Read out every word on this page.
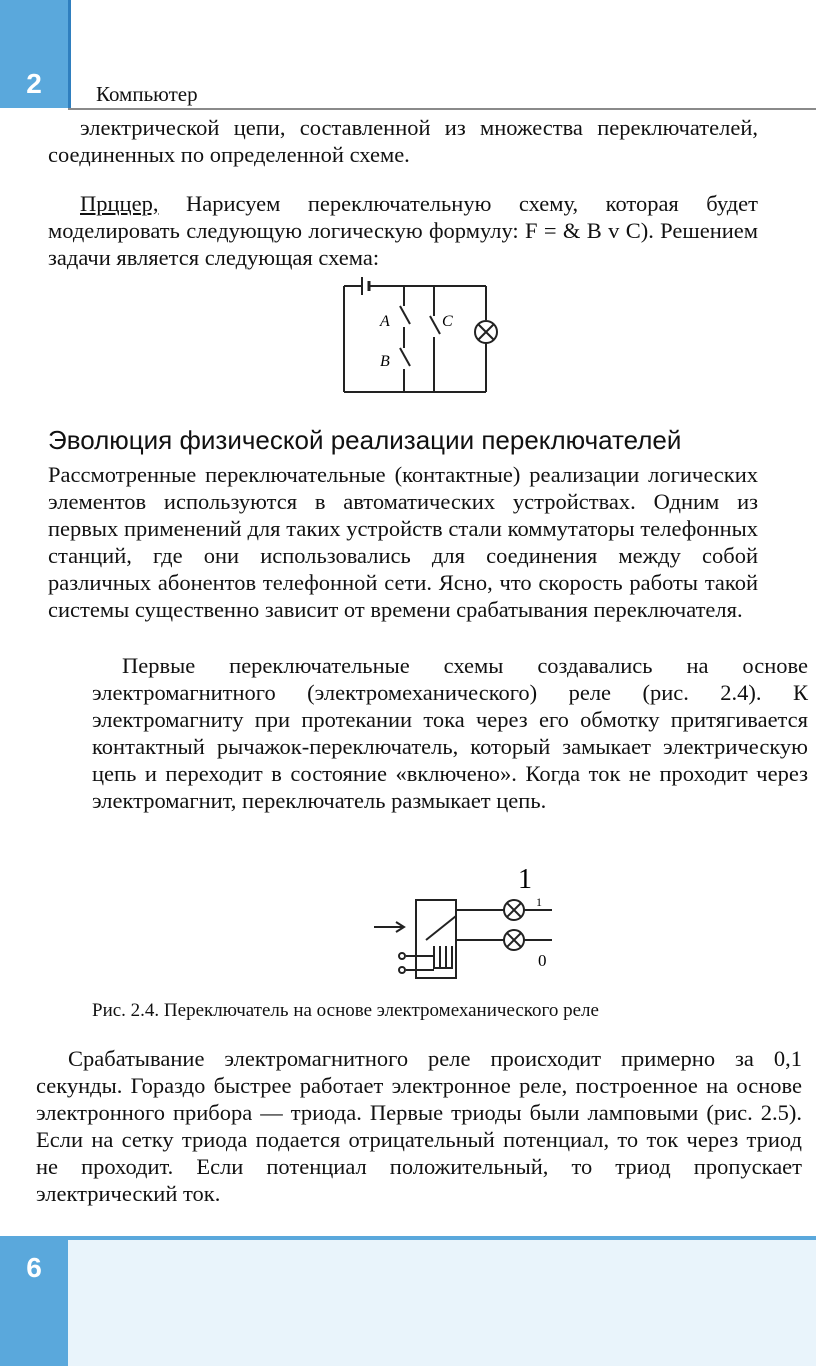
2	Компьютер
электрической цепи, составленной из множества переключателей, соединенных по определенной схеме.
Прццер, Нарисуем переключательную схему, которая будет моделировать следующую логическую формулу: F = & B v C). Решением задачи является следующая схема:
A
B
C
Эволюция физической реализации переключателей
Рассмотренные переключательные (контактные) реализации логических элементов используются в автоматических устройствах. Одним из первых применений для таких устройств стали коммутаторы телефонных станций, где они использовались для соединения между собой различных абонентов телефонной сети. Ясно, что скорость работы такой системы существенно зависит от времени срабатывания переключателя.
Первые переключательные схемы создавались на основе электромагнитного (электромеханического) реле (рис. 2.4). К электромагниту при протекании тока через его обмотку притягивается контактный рычажок-переключатель, который замыкает электрическую цепь и переходит в состояние «включено». Когда ток не проходит через электромагнит, переключатель размыкает цепь.
1
1
0
Рис. 2.4. Переключатель на основе электромеханического реле
Срабатывание электромагнитного реле происходит примерно за 0,1 секунды. Гораздо быстрее работает электронное реле, построенное на основе электронного прибора — триода. Первые триоды были ламповыми (рис. 2.5). Если на сетку триода подается отрицательный потенциал, то ток через триод не проходит. Если потенциал положительный, то триод пропускает электрический ток.
6
